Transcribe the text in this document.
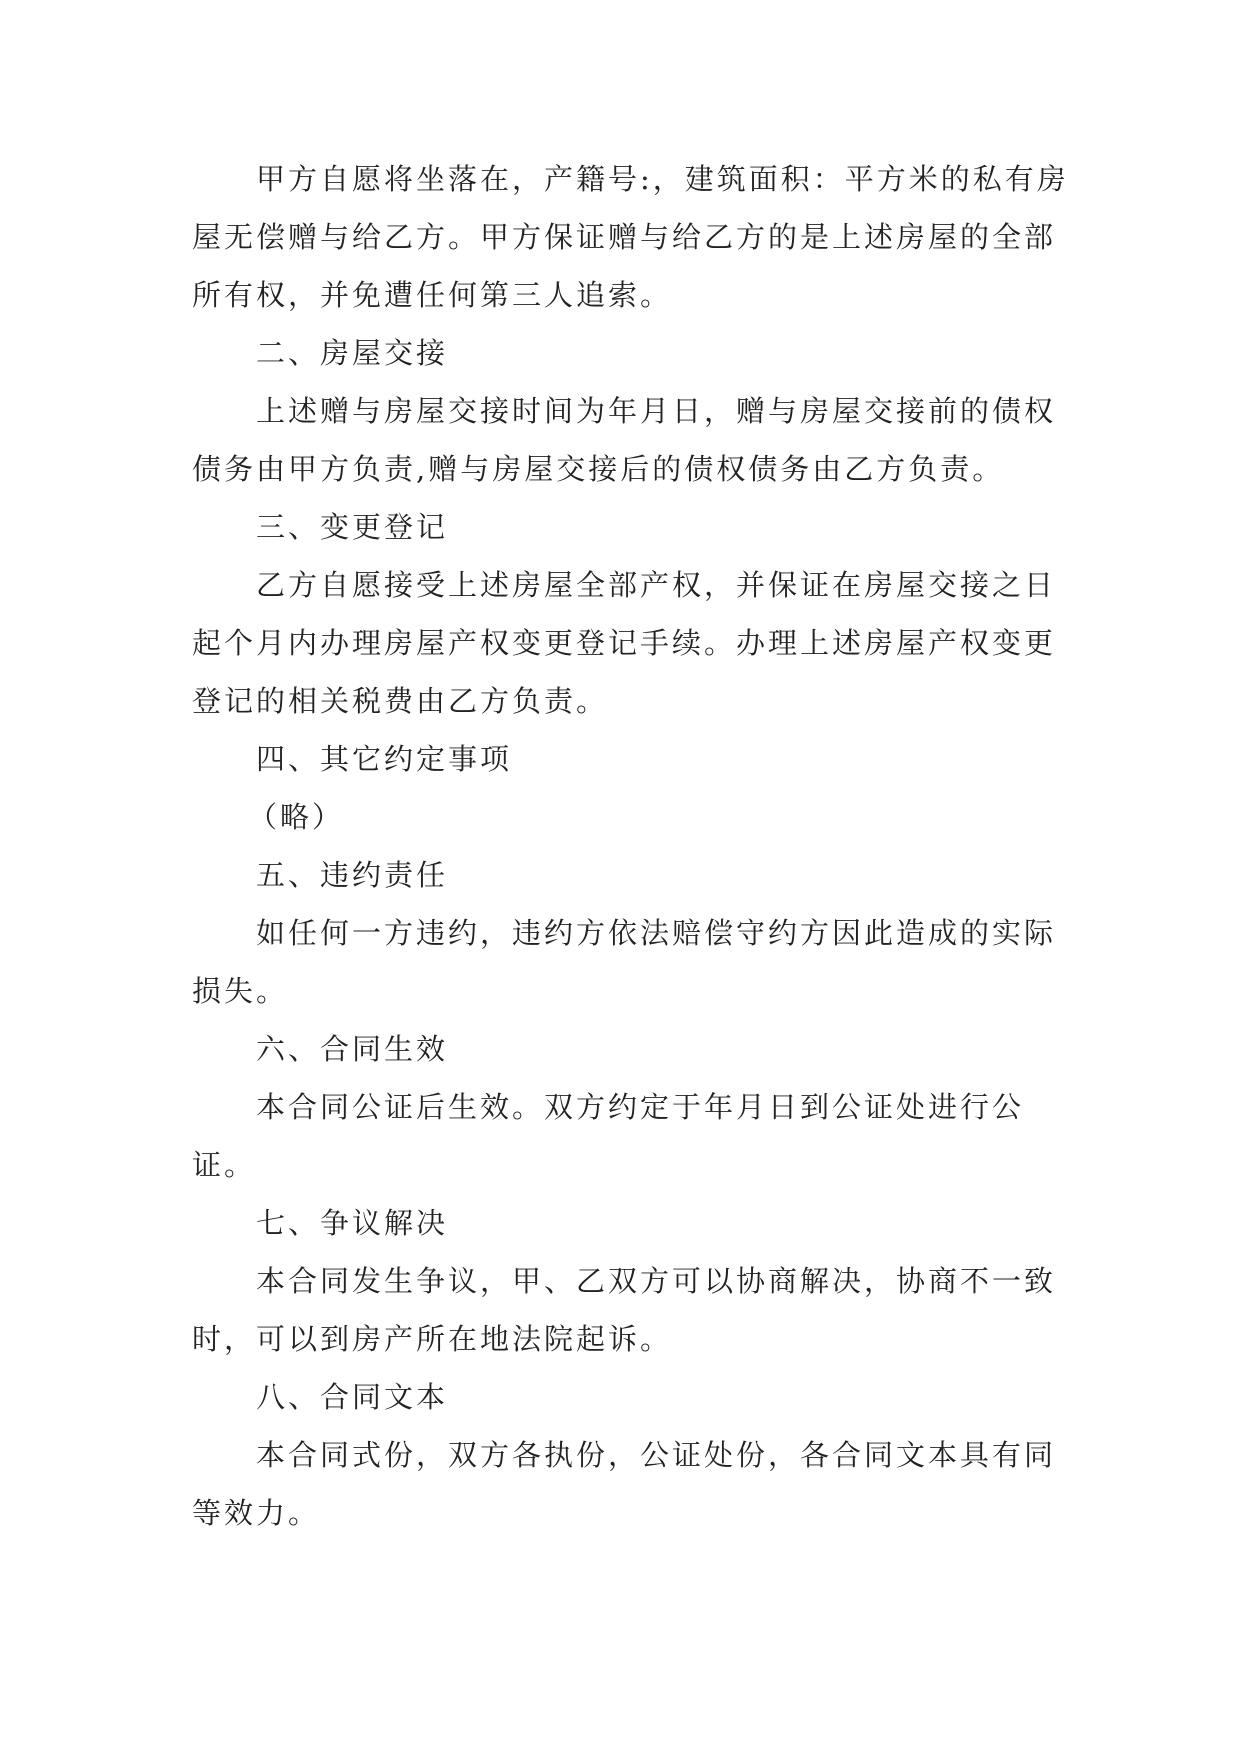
甲方自愿将坐落在，产籍号:，建筑面积：平方米的私有房屋无偿赠与给乙方。甲方保证赠与给乙方的是上述房屋的全部所有权，并免遭任何第三人追索。

二、房屋交接

上述赠与房屋交接时间为年月日，赠与房屋交接前的债权债务由甲方负责,赠与房屋交接后的债权债务由乙方负责。

三、变更登记

乙方自愿接受上述房屋全部产权，并保证在房屋交接之日起个月内办理房屋产权变更登记手续。办理上述房屋产权变更登记的相关税费由乙方负责。

四、其它约定事项

（略）

五、违约责任

如任何一方违约，违约方依法赔偿守约方因此造成的实际损失。

六、合同生效

本合同公证后生效。双方约定于年月日到公证处进行公证。

七、争议解决

本合同发生争议，甲、乙双方可以协商解决，协商不一致时，可以到房产所在地法院起诉。

八、合同文本

本合同式份，双方各执份，公证处份，各合同文本具有同等效力。
